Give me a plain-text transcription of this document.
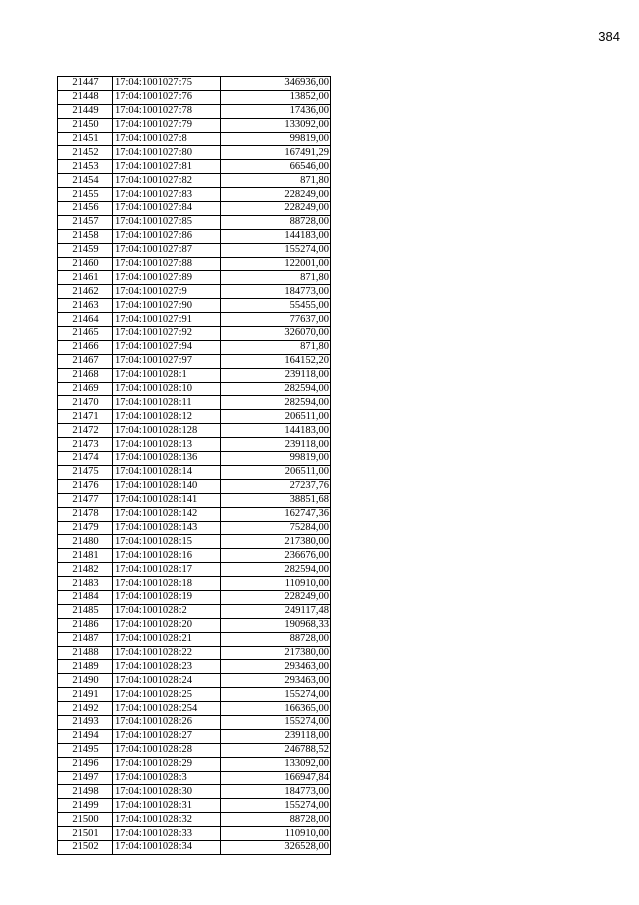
384
21447	17:04:1001027:75	346936,00
21448	17:04:1001027:76	13852,00
21449	17:04:1001027:78	17436,00
21450	17:04:1001027:79	133092,00
21451	17:04:1001027:8	99819,00
21452	17:04:1001027:80	167491,29
21453	17:04:1001027:81	66546,00
21454	17:04:1001027:82	871,80
21455	17:04:1001027:83	228249,00
21456	17:04:1001027:84	228249,00
21457	17:04:1001027:85	88728,00
21458	17:04:1001027:86	144183,00
21459	17:04:1001027:87	155274,00
21460	17:04:1001027:88	122001,00
21461	17:04:1001027:89	871,80
21462	17:04:1001027:9	184773,00
21463	17:04:1001027:90	55455,00
21464	17:04:1001027:91	77637,00
21465	17:04:1001027:92	326070,00
21466	17:04:1001027:94	871,80
21467	17:04:1001027:97	164152,20
21468	17:04:1001028:1	239118,00
21469	17:04:1001028:10	282594,00
21470	17:04:1001028:11	282594,00
21471	17:04:1001028:12	206511,00
21472	17:04:1001028:128	144183,00
21473	17:04:1001028:13	239118,00
21474	17:04:1001028:136	99819,00
21475	17:04:1001028:14	206511,00
21476	17:04:1001028:140	27237,76
21477	17:04:1001028:141	38851,68
21478	17:04:1001028:142	162747,36
21479	17:04:1001028:143	75284,00
21480	17:04:1001028:15	217380,00
21481	17:04:1001028:16	236676,00
21482	17:04:1001028:17	282594,00
21483	17:04:1001028:18	110910,00
21484	17:04:1001028:19	228249,00
21485	17:04:1001028:2	249117,48
21486	17:04:1001028:20	190968,33
21487	17:04:1001028:21	88728,00
21488	17:04:1001028:22	217380,00
21489	17:04:1001028:23	293463,00
21490	17:04:1001028:24	293463,00
21491	17:04:1001028:25	155274,00
21492	17:04:1001028:254	166365,00
21493	17:04:1001028:26	155274,00
21494	17:04:1001028:27	239118,00
21495	17:04:1001028:28	246788,52
21496	17:04:1001028:29	133092,00
21497	17:04:1001028:3	166947,84
21498	17:04:1001028:30	184773,00
21499	17:04:1001028:31	155274,00
21500	17:04:1001028:32	88728,00
21501	17:04:1001028:33	110910,00
21502	17:04:1001028:34	326528,00
